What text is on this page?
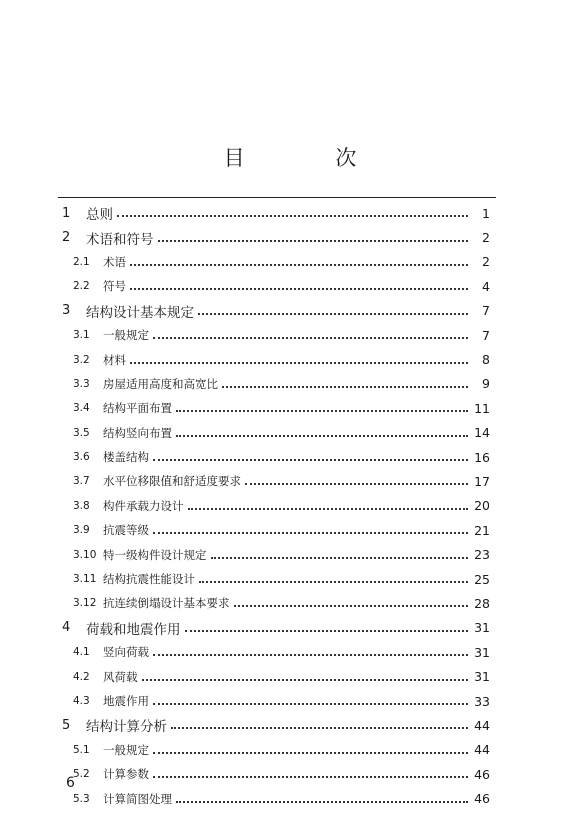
目 次
1	总则	1
2	术语和符号	2
2.1	术语	2
2.2	符号	4
3	结构设计基本规定	7
3.1	一般规定	7
3.2	材料	8
3.3	房屋适用高度和高宽比	9
3.4	结构平面布置	11
3.5	结构竖向布置	14
3.6	楼盖结构	16
3.7	水平位移限值和舒适度要求	17
3.8	构件承载力设计	20
3.9	抗震等级	21
3.10 特一级构件设计规定	23
3.11 结构抗震性能设计	25
3.12 抗连续倒塌设计基本要求	28
4	荷载和地震作用	31
4.1	竖向荷载	31
4.2	风荷载	31
4.3	地震作用	33
5	结构计算分析	44
5.1	一般规定	44
5.2	计算参数	46
5.3	计算简图处理	46
6
